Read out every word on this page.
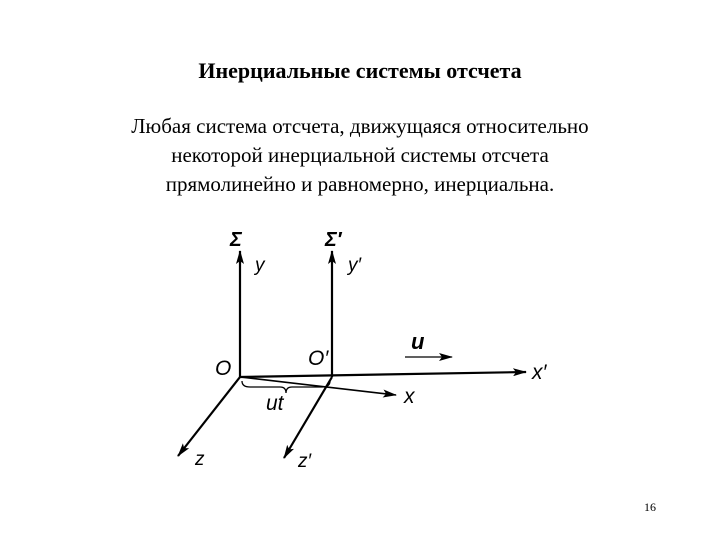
Инерциальные системы отсчета
Любая система отсчета, движущаяся относительно
некоторой инерциальной системы отсчета
прямолинейно и равномерно, инерциальна.
Σ	Σ′
y	y′
O	O′
u
x′
x
ut
z	z′
16
